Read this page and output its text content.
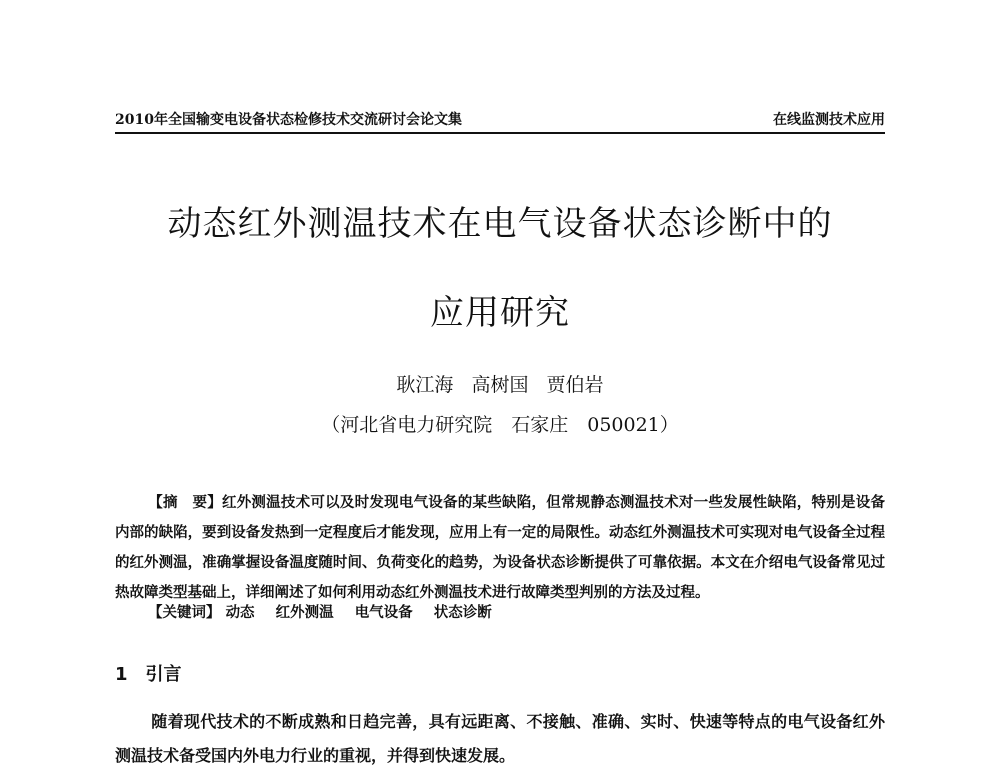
2010年全国输变电设备状态检修技术交流研讨会论文集	在线监测技术应用
动态红外测温技术在电气设备状态诊断中的
应用研究
耿江海 高树国 贾伯岩
（河北省电力研究院　石家庄　050021）
【摘　要】红外测温技术可以及时发现电气设备的某些缺陷，但常规静态测温技术对一些发展性缺陷，特别是设备内部的缺陷，要到设备发热到一定程度后才能发现，应用上有一定的局限性。动态红外测温技术可实现对电气设备全过程的红外测温，准确掌握设备温度随时间、负荷变化的趋势，为设备状态诊断提供了可靠依据。本文在介绍电气设备常见过热故障类型基础上，详细阐述了如何利用动态红外测温技术进行故障类型判别的方法及过程。
【关键词】 动态 红外测温 电气设备 状态诊断
1 引言
随着现代技术的不断成熟和日趋完善，具有远距离、不接触、准确、实时、快速等特点的电气设备红外测温技术备受国内外电力行业的重视，并得到快速发展。
